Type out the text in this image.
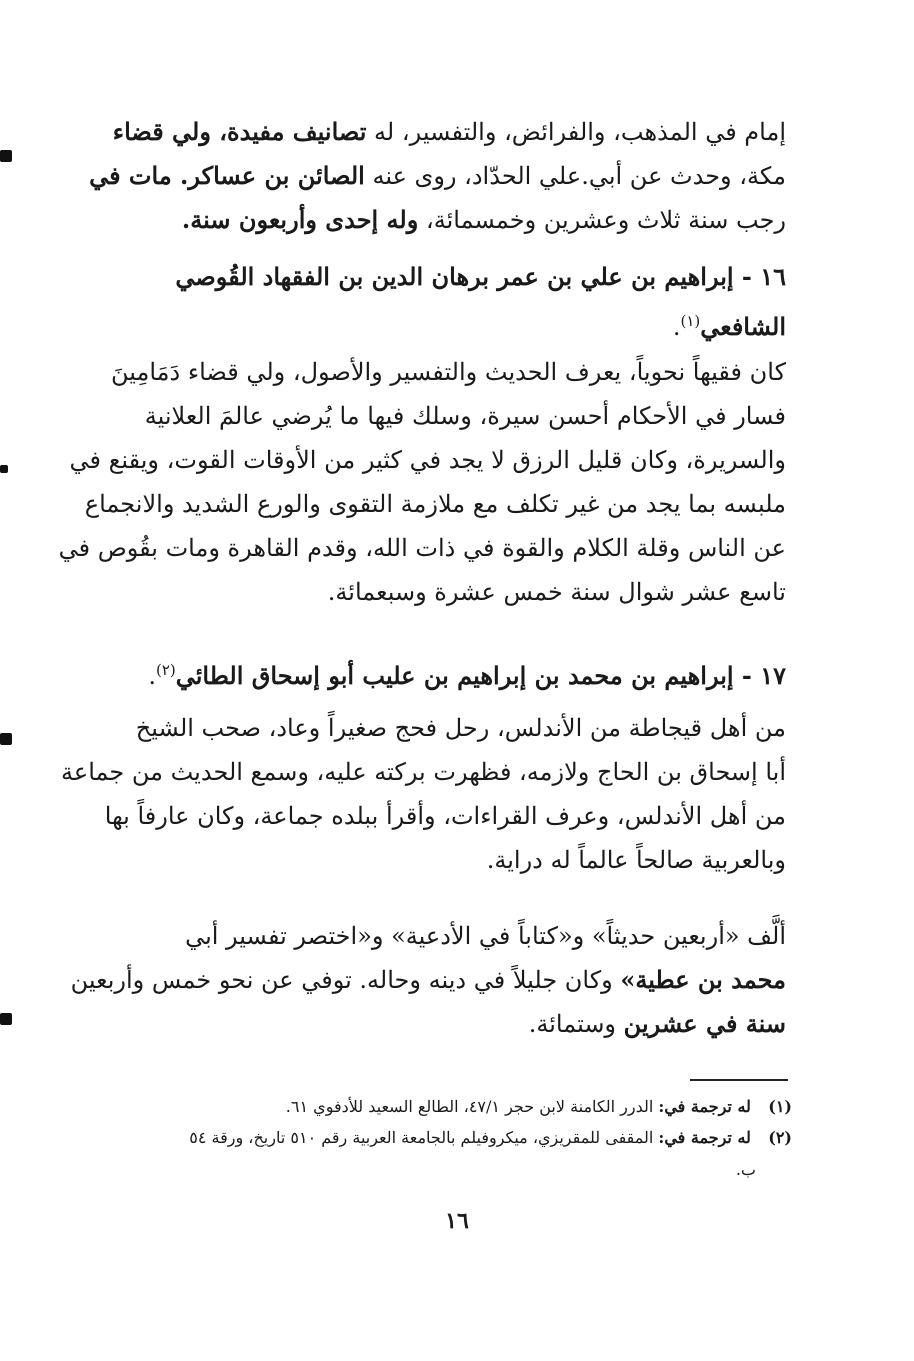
إمام في المذهب، والفرائض، والتفسير، له تصانيف مفيدة، ولي قضاء
مكة، وحدث عن أبي.علي الحدّاد، روى عنه الصائن بن عساكر. مات في
رجب سنة ثلاث وعشرين وخمسمائة، وله إحدى وأربعون سنة.
١٦ - إبراهيم بن علي بن عمر برهان الدين بن الفقهاد القُوصي
الشافعي$^{(١)}$.
كان فقيهاً نحوياً، يعرف الحديث والتفسير والأصول، ولي قضاء دَمَامِينَ
فسار في الأحكام أحسن سيرة، وسلك فيها ما يُرضي عالمَ العلانية
والسريرة، وكان قليل الرزق لا يجد في كثير من الأوقات القوت، ويقنع في
ملبسه بما يجد من غير تكلف مع ملازمة التقوى والورع الشديد والانجماع
عن الناس وقلة الكلام والقوة في ذات الله، وقدم القاهرة ومات بقُوص في
تاسع عشر شوال سنة خمس عشرة وسبعمائة.
١٧ - إبراهيم بن محمد بن إبراهيم بن عليب أبو إسحاق الطائي$^{(٢)}$.
من أهل قيجاطة من الأندلس، رحل فحج صغيراً وعاد، صحب الشيخ
أبا إسحاق بن الحاج ولازمه، فظهرت بركته عليه، وسمع الحديث من جماعة
من أهل الأندلس، وعرف القراءات، وأقرأ ببلده جماعة، وكان عارفاً بها
وبالعربية صالحاً عالماً له دراية.
ألَّف «أربعين حديثاً» و«كتاباً في الأدعية» و«اختصر تفسير أبي
محمد بن عطية» وكان جليلاً في دينه وحاله. توفي عن نحو خمس وأربعين
سنة في عشرين وستمائة.
(١) له ترجمة في: الدرر الكامنة لابن حجر ٤٧/١، الطالع السعيد للأدفوي ٦١.
(٢) له ترجمة في: المقفى للمقريزي، ميكروفيلم بالجامعة العربية رقم ٥١٠ تاريخ، ورقة ٥٤
ب.
١٦
